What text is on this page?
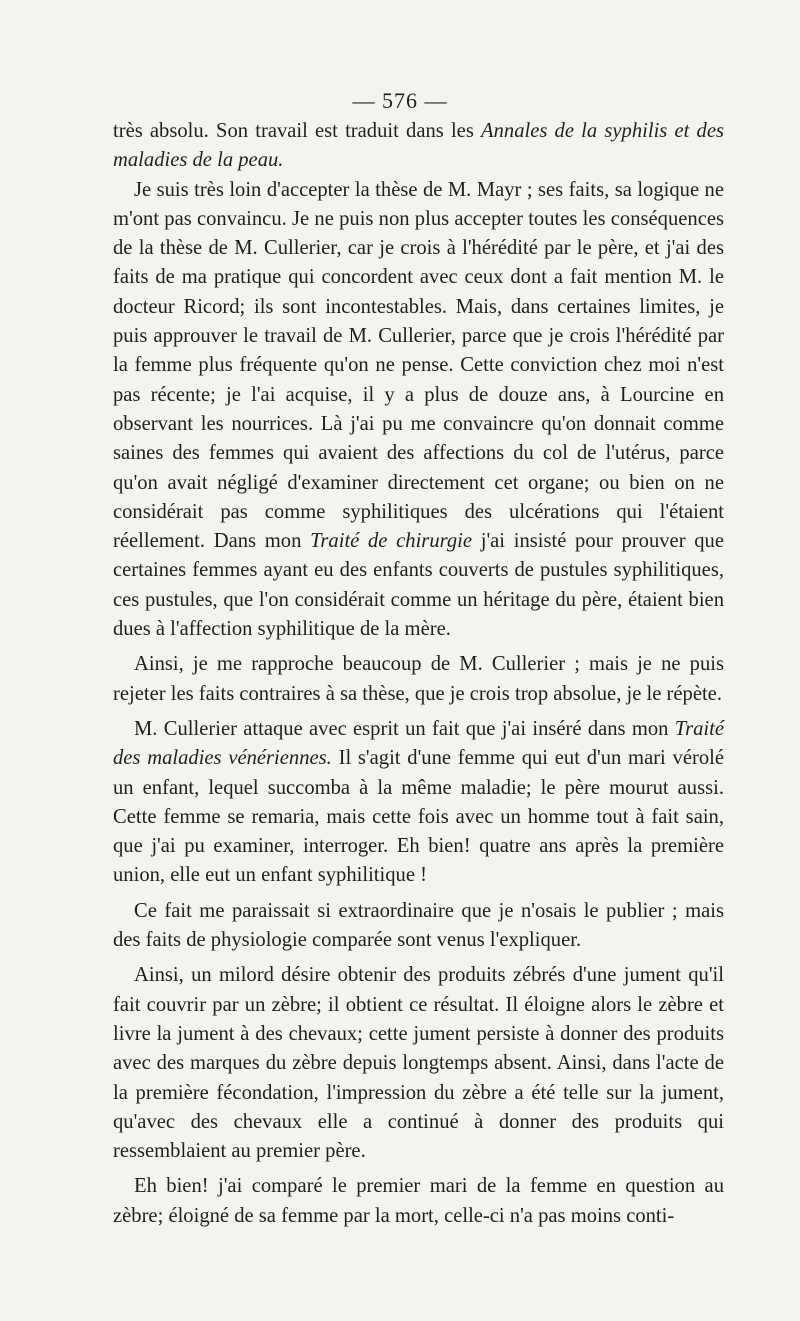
— 576 —

très absolu. Son travail est traduit dans les Annales de la syphilis et des maladies de la peau.

Je suis très loin d'accepter la thèse de M. Mayr ; ses faits, sa logique ne m'ont pas convaincu. Je ne puis non plus accepter toutes les conséquences de la thèse de M. Cullerier, car je crois à l'hérédité par le père, et j'ai des faits de ma pratique qui concordent avec ceux dont a fait mention M. le docteur Ricord; ils sont incontestables. Mais, dans certaines limites, je puis approuver le travail de M. Cullerier, parce que je crois l'hérédité par la femme plus fréquente qu'on ne pense. Cette conviction chez moi n'est pas récente; je l'ai acquise, il y a plus de douze ans, à Lourcine en observant les nourrices. Là j'ai pu me convaincre qu'on donnait comme saines des femmes qui avaient des affections du col de l'utérus, parce qu'on avait négligé d'examiner directement cet organe; ou bien on ne considérait pas comme syphilitiques des ulcérations qui l'étaient réellement. Dans mon Traité de chirurgie j'ai insisté pour prouver que certaines femmes ayant eu des enfants couverts de pustules syphilitiques, ces pustules, que l'on considérait comme un héritage du père, étaient bien dues à l'affection syphilitique de la mère.

Ainsi, je me rapproche beaucoup de M. Cullerier ; mais je ne puis rejeter les faits contraires à sa thèse, que je crois trop absolue, je le répète.

M. Cullerier attaque avec esprit un fait que j'ai inséré dans mon Traité des maladies vénériennes. Il s'agit d'une femme qui eut d'un mari vérolé un enfant, lequel succomba à la même maladie; le père mourut aussi. Cette femme se remaria, mais cette fois avec un homme tout à fait sain, que j'ai pu examiner, interroger. Eh bien! quatre ans après la première union, elle eut un enfant syphilitique !

Ce fait me paraissait si extraordinaire que je n'osais le publier ; mais des faits de physiologie comparée sont venus l'expliquer.

Ainsi, un milord désire obtenir des produits zébrés d'une jument qu'il fait couvrir par un zèbre; il obtient ce résultat. Il éloigne alors le zèbre et livre la jument à des chevaux; cette jument persiste à donner des produits avec des marques du zèbre depuis longtemps absent. Ainsi, dans l'acte de la première fécondation, l'impression du zèbre a été telle sur la jument, qu'avec des chevaux elle a continué à donner des produits qui ressemblaient au premier père.

Eh bien! j'ai comparé le premier mari de la femme en question au zèbre; éloigné de sa femme par la mort, celle-ci n'a pas moins conti-
